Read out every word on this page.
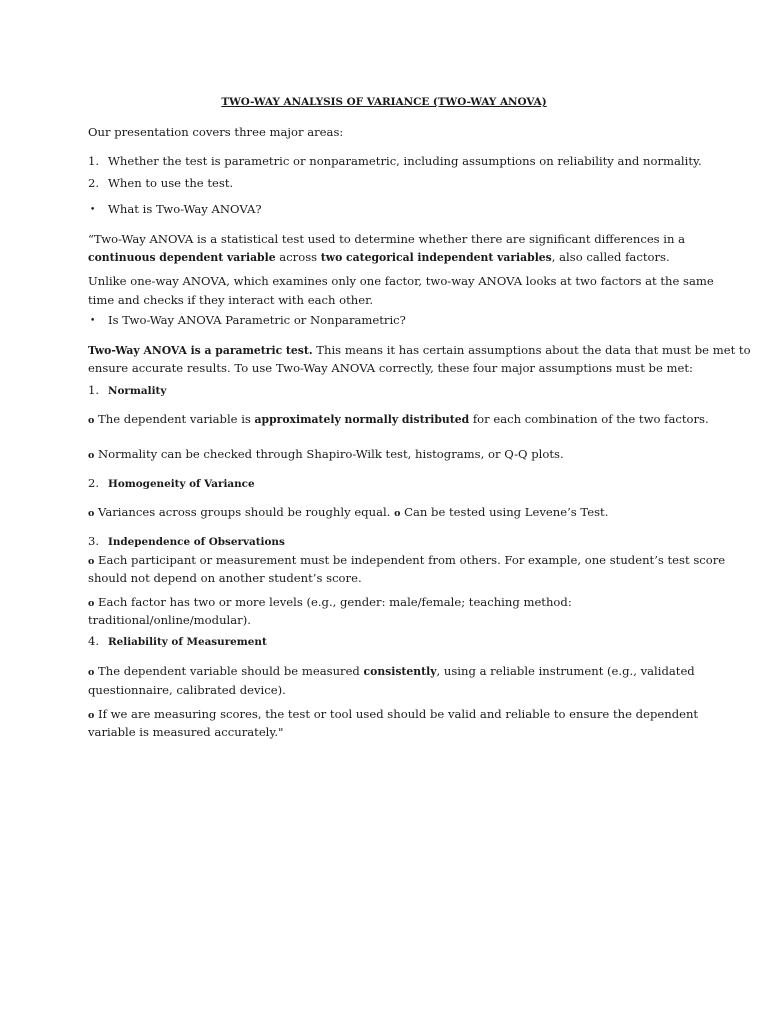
TWO-WAY ANALYSIS OF VARIANCE (TWO-WAY ANOVA)
Our presentation covers three major areas:
1. Whether the test is parametric or nonparametric, including assumptions on reliability and normality.
2. When to use the test.
• What is Two-Way ANOVA?
“Two-Way ANOVA is a statistical test used to determine whether there are significant differences in a
continuous dependent variable across two categorical independent variables, also called factors.
Unlike one-way ANOVA, which examines only one factor, two-way ANOVA looks at two factors at the same
time and checks if they interact with each other.
• Is Two-Way ANOVA Parametric or Nonparametric?
Two-Way ANOVA is a parametric test. This means it has certain assumptions about the data that must be met to
ensure accurate results. To use Two-Way ANOVA correctly, these four major assumptions must be met:
1. Normality
o The dependent variable is approximately normally distributed for each combination of the two factors.
o Normality can be checked through Shapiro-Wilk test, histograms, or Q-Q plots.
2. Homogeneity of Variance
o Variances across groups should be roughly equal. o Can be tested using Levene’s Test.
3. Independence of Observations
o Each participant or measurement must be independent from others. For example, one student’s test score
should not depend on another student’s score.
o Each factor has two or more levels (e.g., gender: male/female; teaching method:
traditional/online/modular).
4. Reliability of Measurement
o The dependent variable should be measured consistently, using a reliable instrument (e.g., validated
questionnaire, calibrated device).
o If we are measuring scores, the test or tool used should be valid and reliable to ensure the dependent
variable is measured accurately."
